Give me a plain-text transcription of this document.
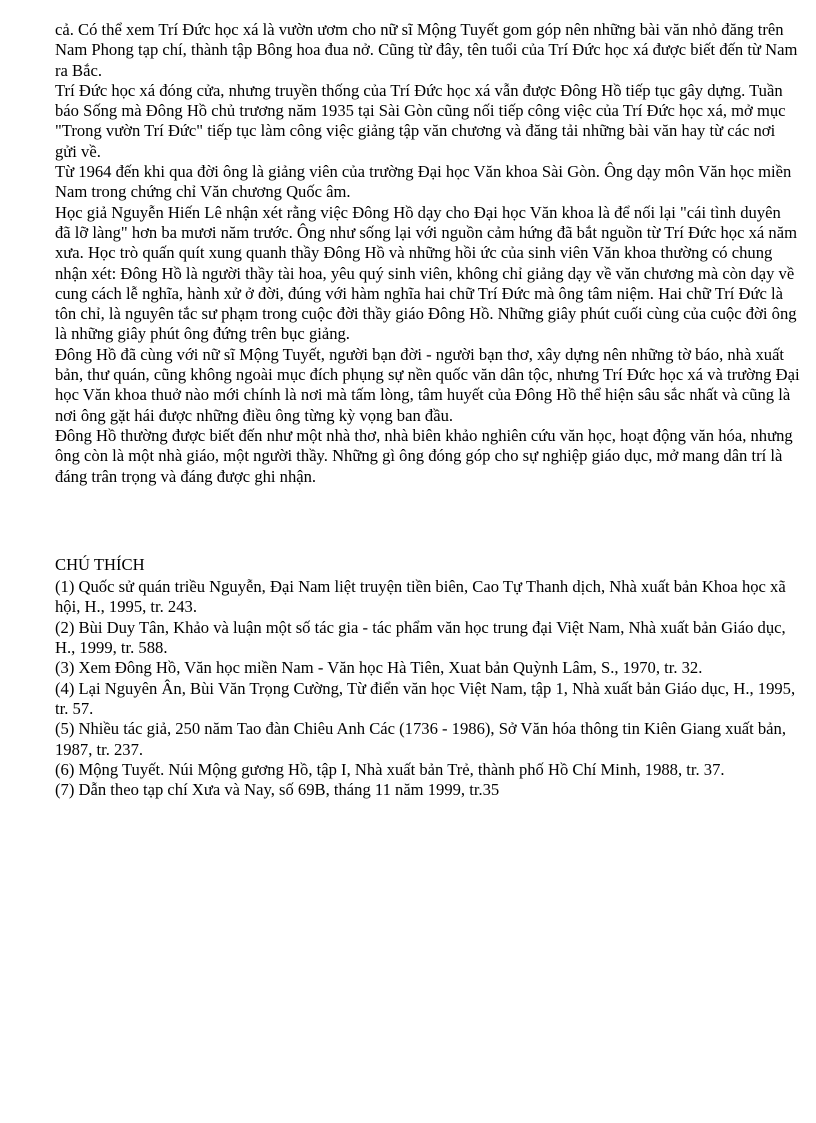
cả. Có thể xem Trí Đức học xá là vườn ươm cho nữ sĩ Mộng Tuyết gom góp nên những bài văn nhỏ đăng trên Nam Phong tạp chí, thành tập Bông hoa đua nở. Cũng từ đây, tên tuổi của Trí Đức học xá được biết đến từ Nam ra Bắc.

Trí Đức học xá đóng cửa, nhưng truyền thống của Trí Đức học xá vẫn được Đông Hồ tiếp tục gây dựng. Tuần báo Sống mà Đông Hồ chủ trương năm 1935 tại Sài Gòn cũng nối tiếp công việc của Trí Đức học xá, mở mục "Trong vườn Trí Đức" tiếp tục làm công việc giảng tập văn chương và đăng tải những bài văn hay từ các nơi gửi về.

Từ 1964 đến khi qua đời ông là giảng viên của trường Đại học Văn khoa Sài Gòn. Ông dạy môn Văn học miền Nam trong chứng chỉ Văn chương Quốc âm.

Học giả Nguyễn Hiến Lê nhận xét rằng việc Đông Hồ dạy cho Đại học Văn khoa là để nối lại "cái tình duyên đã lỡ làng" hơn ba mươi năm trước. Ông như sống lại với nguồn cảm hứng đã bắt nguồn từ Trí Đức học xá năm xưa. Học trò quấn quít xung quanh thầy Đông Hồ và những hồi ức của sinh viên Văn khoa thường có chung nhận xét: Đông Hồ là người thầy tài hoa, yêu quý sinh viên, không chỉ giảng dạy về văn chương mà còn dạy về cung cách lễ nghĩa, hành xử ở đời, đúng với hàm nghĩa hai chữ Trí Đức mà ông tâm niệm. Hai chữ Trí Đức là tôn chỉ, là nguyên tắc sư phạm trong cuộc đời thầy giáo Đông Hồ. Những giây phút cuối cùng của cuộc đời ông là những giây phút ông đứng trên bục giảng.

Đông Hồ đã cùng với nữ sĩ Mộng Tuyết, người bạn đời - người bạn thơ, xây dựng nên những tờ báo, nhà xuất bản, thư quán, cũng không ngoài mục đích phụng sự nền quốc văn dân tộc, nhưng Trí Đức học xá và trường Đại học Văn khoa thuở nào mới chính là nơi mà tấm lòng, tâm huyết của Đông Hồ thể hiện sâu sắc nhất và cũng là nơi ông gặt hái được những điều ông từng kỳ vọng ban đầu.

Đông Hồ thường được biết đến như một nhà thơ, nhà biên khảo nghiên cứu văn học, hoạt động văn hóa, nhưng ông còn là một nhà giáo, một người thầy. Những gì ông đóng góp cho sự nghiệp giáo dục, mở mang dân trí là đáng trân trọng và đáng được ghi nhận.

CHÚ THÍCH

(1) Quốc sử quán triều Nguyễn, Đại Nam liệt truyện tiền biên, Cao Tự Thanh dịch, Nhà xuất bản Khoa học xã hội, H., 1995, tr. 243.

(2) Bùi Duy Tân, Khảo và luận một số tác gia - tác phẩm văn học trung đại Việt Nam, Nhà xuất bản Giáo dục, H., 1999, tr. 588.

(3) Xem Đông Hồ, Văn học miền Nam - Văn học Hà Tiên, Xuat bản Quỳnh Lâm, S., 1970, tr. 32.

(4) Lại Nguyên Ân, Bùi Văn Trọng Cường, Từ điển văn học Việt Nam, tập 1, Nhà xuất bản Giáo dục, H., 1995, tr. 57.

(5) Nhiều tác giả, 250 năm Tao đàn Chiêu Anh Các (1736 - 1986), Sở Văn hóa thông tin Kiên Giang xuất bản, 1987, tr. 237.

(6) Mộng Tuyết. Núi Mộng gương Hồ, tập I, Nhà xuất bản Trẻ, thành phố Hồ Chí Minh, 1988, tr. 37.

(7) Dẫn theo tạp chí Xưa và Nay, số 69B, tháng 11 năm 1999, tr.35
